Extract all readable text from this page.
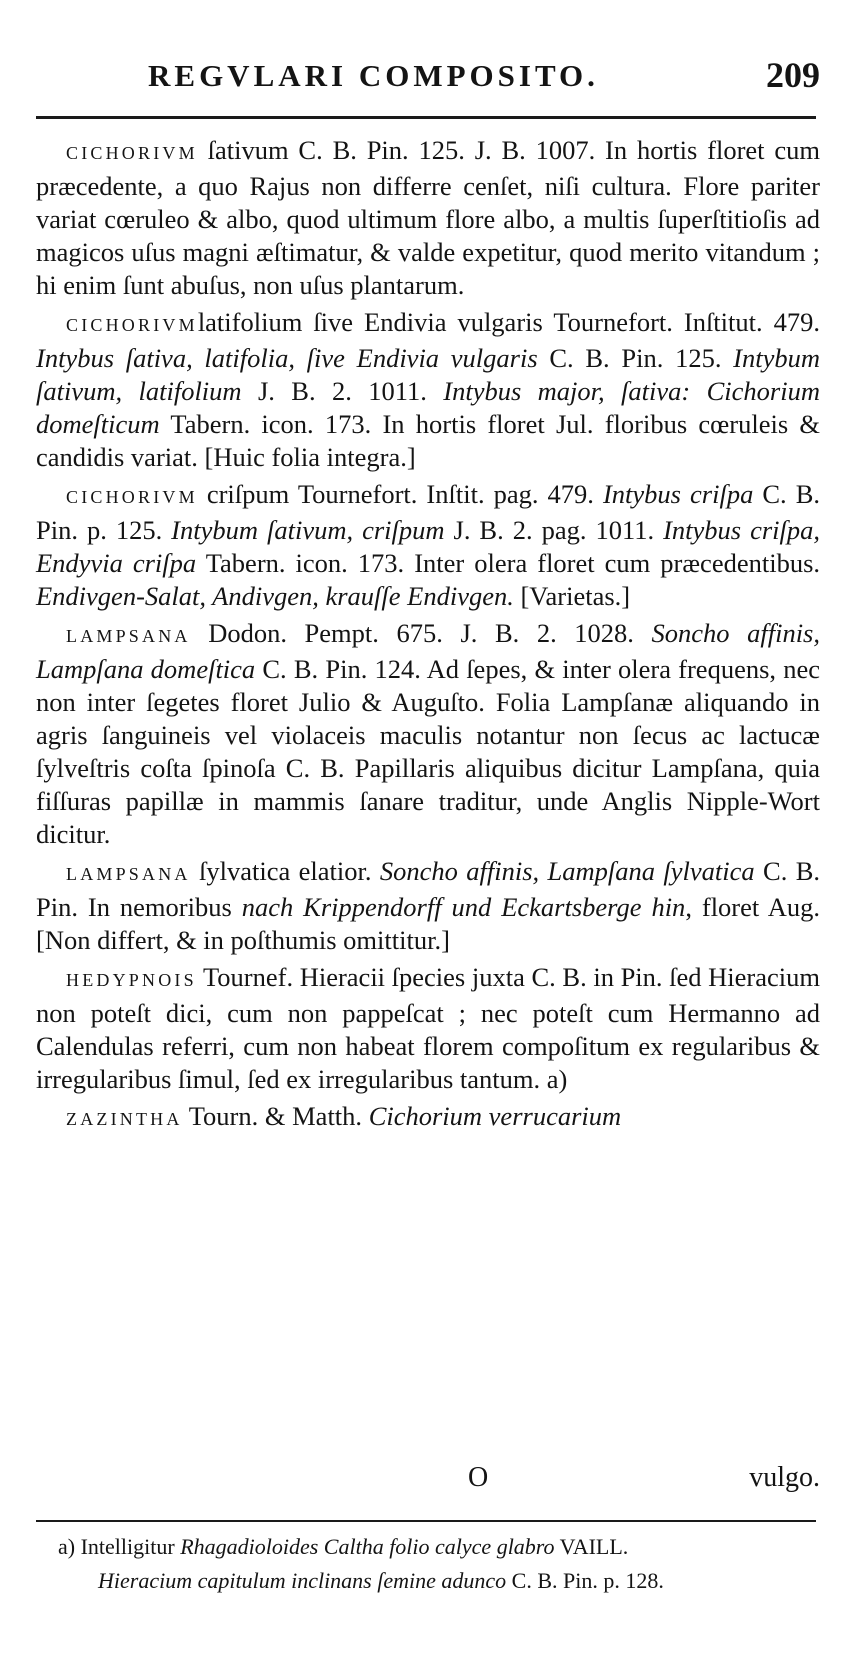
REGVLARI COMPOSITO.	209

CICHORIVM ſativum C. B. Pin. 125. J. B. 1007. In hortis floret cum præcedente, a quo Rajus non differre cenſet, niſi cultura. Flore pariter variat cœruleo & albo, quod ultimum flore albo, a multis ſuperſtitioſis ad magicos uſus magni æſtimatur, & valde expetitur, quod merito vitandum ; hi enim ſunt abuſus, non uſus plantarum.

CICHORIVMlatifolium ſive Endivia vulgaris Tournefort. Inſtitut. 479. Intybus ſativa, latifolia, ſive Endivia vulgaris C. B. Pin. 125. Intybum ſativum, latifolium J. B. 2. 1011. Intybus major, ſativa: Cichorium domeſticum Tabern. icon. 173. In hortis floret Jul. floribus cœruleis & candidis variat. [Huic folia integra.]

CICHORIVM criſpum Tournefort. Inſtit. pag. 479. Intybus criſpa C. B. Pin. p. 125. Intybum ſativum, criſpum J. B. 2. pag. 1011. Intybus criſpa, Endyvia criſpa Tabern. icon. 173. Inter olera floret cum præcedentibus. Endivgen-Salat, Andivgen, krauſſe Endivgen. [Varietas.]

LAMPSANA Dodon. Pempt. 675. J. B. 2. 1028. Soncho affinis, Lampſana domeſtica C. B. Pin. 124. Ad ſepes, & inter olera frequens, nec non inter ſegetes floret Julio & Auguſto. Folia Lampſanæ aliquando in agris ſanguineis vel violaceis maculis notantur non ſecus ac lactucæ ſylveſtris coſta ſpinoſa C. B. Papillaris aliquibus dicitur Lampſana, quia fiſſuras papillæ in mammis ſanare traditur, unde Anglis Nipple-Wort dicitur.

LAMPSANA ſylvatica elatior. Soncho affinis, Lampſana ſylvatica C. B. Pin. In nemoribus nach Krippendorff und Eckartsberge hin, floret Aug. [Non differt, & in poſthumis omittitur.]

HEDYPNOIS Tournef. Hieracii ſpecies juxta C. B. in Pin. ſed Hieracium non poteſt dici, cum non pappeſcat ; nec poteſt cum Hermanno ad Calendulas referri, cum non habeat florem compoſitum ex regularibus & irregularibus ſimul, ſed ex irregularibus tantum. a)

ZAZINTHA Tourn. & Matth. Cichorium verrucarium

O	vulgo.
a) Intelligitur Rhagadioloides Caltha folio calyce glabro VAILL.
Hieracium capitulum inclinans ſemine adunco C. B. Pin. p. 128.
